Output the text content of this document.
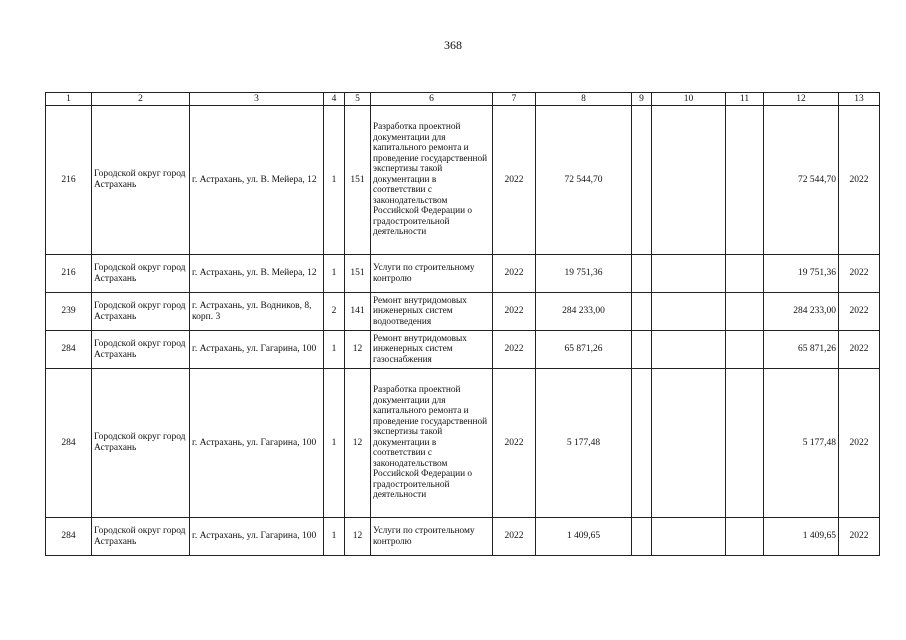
368
1	2	3	4	5	6	7	8	9	10	11	12	13
216	Городской округ город Астрахань	г. Астрахань, ул. В. Мейера, 12	1	151	Разработка проектной документации для капитального ремонта и проведение государственной экспертизы такой документации в соответствии с законодательством Российской Федерации о градостроительной деятельности	2022	72 544,70				72 544,70	2022
216	Городской округ город Астрахань	г. Астрахань, ул. В. Мейера, 12	1	151	Услуги по строительному контролю	2022	19 751,36				19 751,36	2022
239	Городской округ город Астрахань	г. Астрахань, ул. Водников, 8, корп. 3	2	141	Ремонт внутридомовых инженерных систем водоотведения	2022	284 233,00				284 233,00	2022
284	Городской округ город Астрахань	г. Астрахань, ул. Гагарина, 100	1	12	Ремонт внутридомовых инженерных систем газоснабжения	2022	65 871,26				65 871,26	2022
284	Городской округ город Астрахань	г. Астрахань, ул. Гагарина, 100	1	12	Разработка проектной документации для капитального ремонта и проведение государственной экспертизы такой документации в соответствии с законодательством Российской Федерации о градостроительной деятельности	2022	5 177,48				5 177,48	2022
284	Городской округ город Астрахань	г. Астрахань, ул. Гагарина, 100	1	12	Услуги по строительному контролю	2022	1 409,65				1 409,65	2022
